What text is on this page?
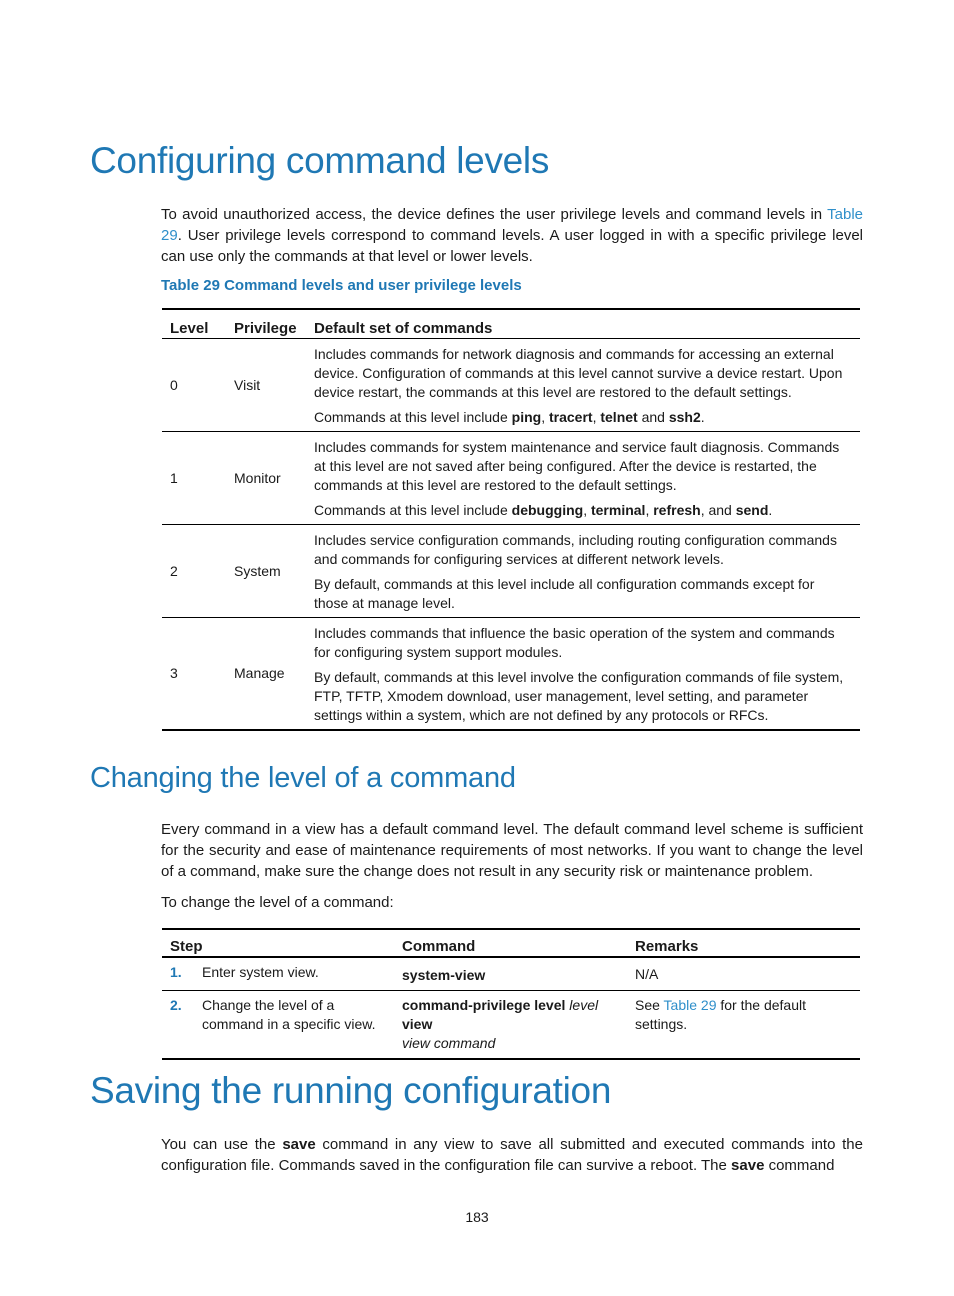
Configuring command levels

To avoid unauthorized access, the device defines the user privilege levels and command levels in Table 29. User privilege levels correspond to command levels. A user logged in with a specific privilege level can use only the commands at that level or lower levels.

Table 29 Command levels and user privilege levels
Level	Privilege	Default set of commands
0	Visit	Includes commands for network diagnosis and commands for accessing an external device. Configuration of commands at this level cannot survive a device restart. Upon device restart, the commands at this level are restored to the default settings.

Commands at this level include ping, tracert, telnet and ssh2.

1	Monitor	Includes commands for system maintenance and service fault diagnosis. Commands at this level are not saved after being configured. After the device is restarted, the commands at this level are restored to the default settings.

Commands at this level include debugging, terminal, refresh, and send.

2	System	Includes service configuration commands, including routing configuration commands and commands for configuring services at different network levels.

By default, commands at this level include all configuration commands except for those at manage level.

3	Manage	Includes commands that influence the basic operation of the system and commands for configuring system support modules.

By default, commands at this level involve the configuration commands of file system, FTP, TFTP, Xmodem download, user management, level setting, and parameter settings within a system, which are not defined by any protocols or RFCs.

Changing the level of a command

Every command in a view has a default command level. The default command level scheme is sufficient for the security and ease of maintenance requirements of most networks. If you want to change the level of a command, make sure the change does not result in any security risk or maintenance problem.

To change the level of a command:

Step	Command	Remarks

1. Enter system view.	system-view	N/A

2. Change the level of a command in a specific view.	command-privilege level level view
view command	See Table 29 for the default settings.
Saving the running configuration

You can use the save command in any view to save all submitted and executed commands into the configuration file. Commands saved in the configuration file can survive a reboot. The save command

183
